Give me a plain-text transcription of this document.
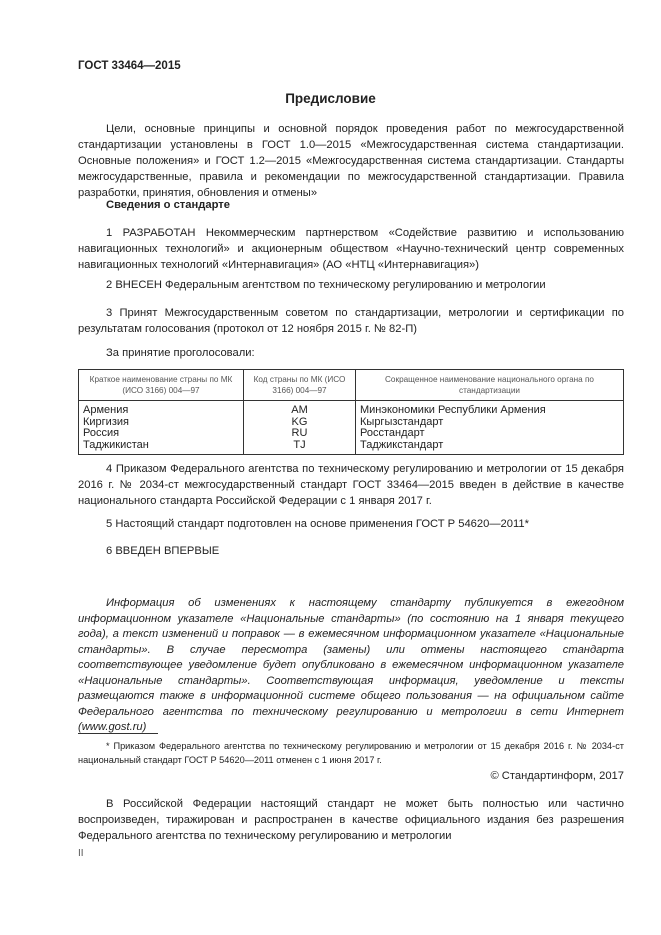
ГОСТ 33464—2015
Предисловие
Цели, основные принципы и основной порядок проведения работ по межгосударственной стандартизации установлены в ГОСТ 1.0—2015 «Межгосударственная система стандартизации. Основные положения» и ГОСТ 1.2—2015 «Межгосударственная система стандартизации. Стандарты межгосударственные, правила и рекомендации по межгосударственной стандартизации. Правила разработки, принятия, обновления и отмены»
Сведения о стандарте
1 РАЗРАБОТАН Некоммерческим партнерством «Содействие развитию и использованию навигационных технологий» и акционерным обществом «Научно-технический центр современных навигационных технологий «Интернавигация» (АО «НТЦ «Интернавигация»)
2 ВНЕСЕН Федеральным агентством по техническому регулированию и метрологии
3 Принят Межгосударственным советом по стандартизации, метрологии и сертификации по результатам голосования (протокол от 12 ноября 2015 г. № 82-П)
За принятие проголосовали:
Краткое наименование страны по МК (ИСО 3166) 004—97	Код страны по МК (ИСО 3166) 004—97	Сокращенное наименование национального органа по стандартизации
Армения	AM	Минэкономики Республики Армения
Киргизия	KG	Кыргызстандарт
Россия	RU	Росстандарт
Таджикистан	TJ	Таджикстандарт
4 Приказом Федерального агентства по техническому регулированию и метрологии от 15 декабря 2016 г. № 2034-ст межгосударственный стандарт ГОСТ 33464—2015 введен в действие в качестве национального стандарта Российской Федерации с 1 января 2017 г.
5 Настоящий стандарт подготовлен на основе применения ГОСТ Р 54620—2011*
6 ВВЕДЕН ВПЕРВЫЕ
Информация об изменениях к настоящему стандарту публикуется в ежегодном информационном указателе «Национальные стандарты» (по состоянию на 1 января текущего года), а текст изменений и поправок — в ежемесячном информационном указателе «Национальные стандарты». В случае пересмотра (замены) или отмены настоящего стандарта соответствующее уведомление будет опубликовано в ежемесячном информационном указателе «Национальные стандарты». Соответствующая информация, уведомление и тексты размещаются также в информационной системе общего пользования — на официальном сайте Федерального агентства по техническому регулированию и метрологии в сети Интернет (www.gost.ru)
* Приказом Федерального агентства по техническому регулированию и метрологии от 15 декабря 2016 г. № 2034-ст национальный стандарт ГОСТ Р 54620—2011 отменен с 1 июня 2017 г.
© Стандартинформ, 2017
В Российской Федерации настоящий стандарт не может быть полностью или частично воспроизведен, тиражирован и распространен в качестве официального издания без разрешения Федерального агентства по техническому регулированию и метрологии
II
